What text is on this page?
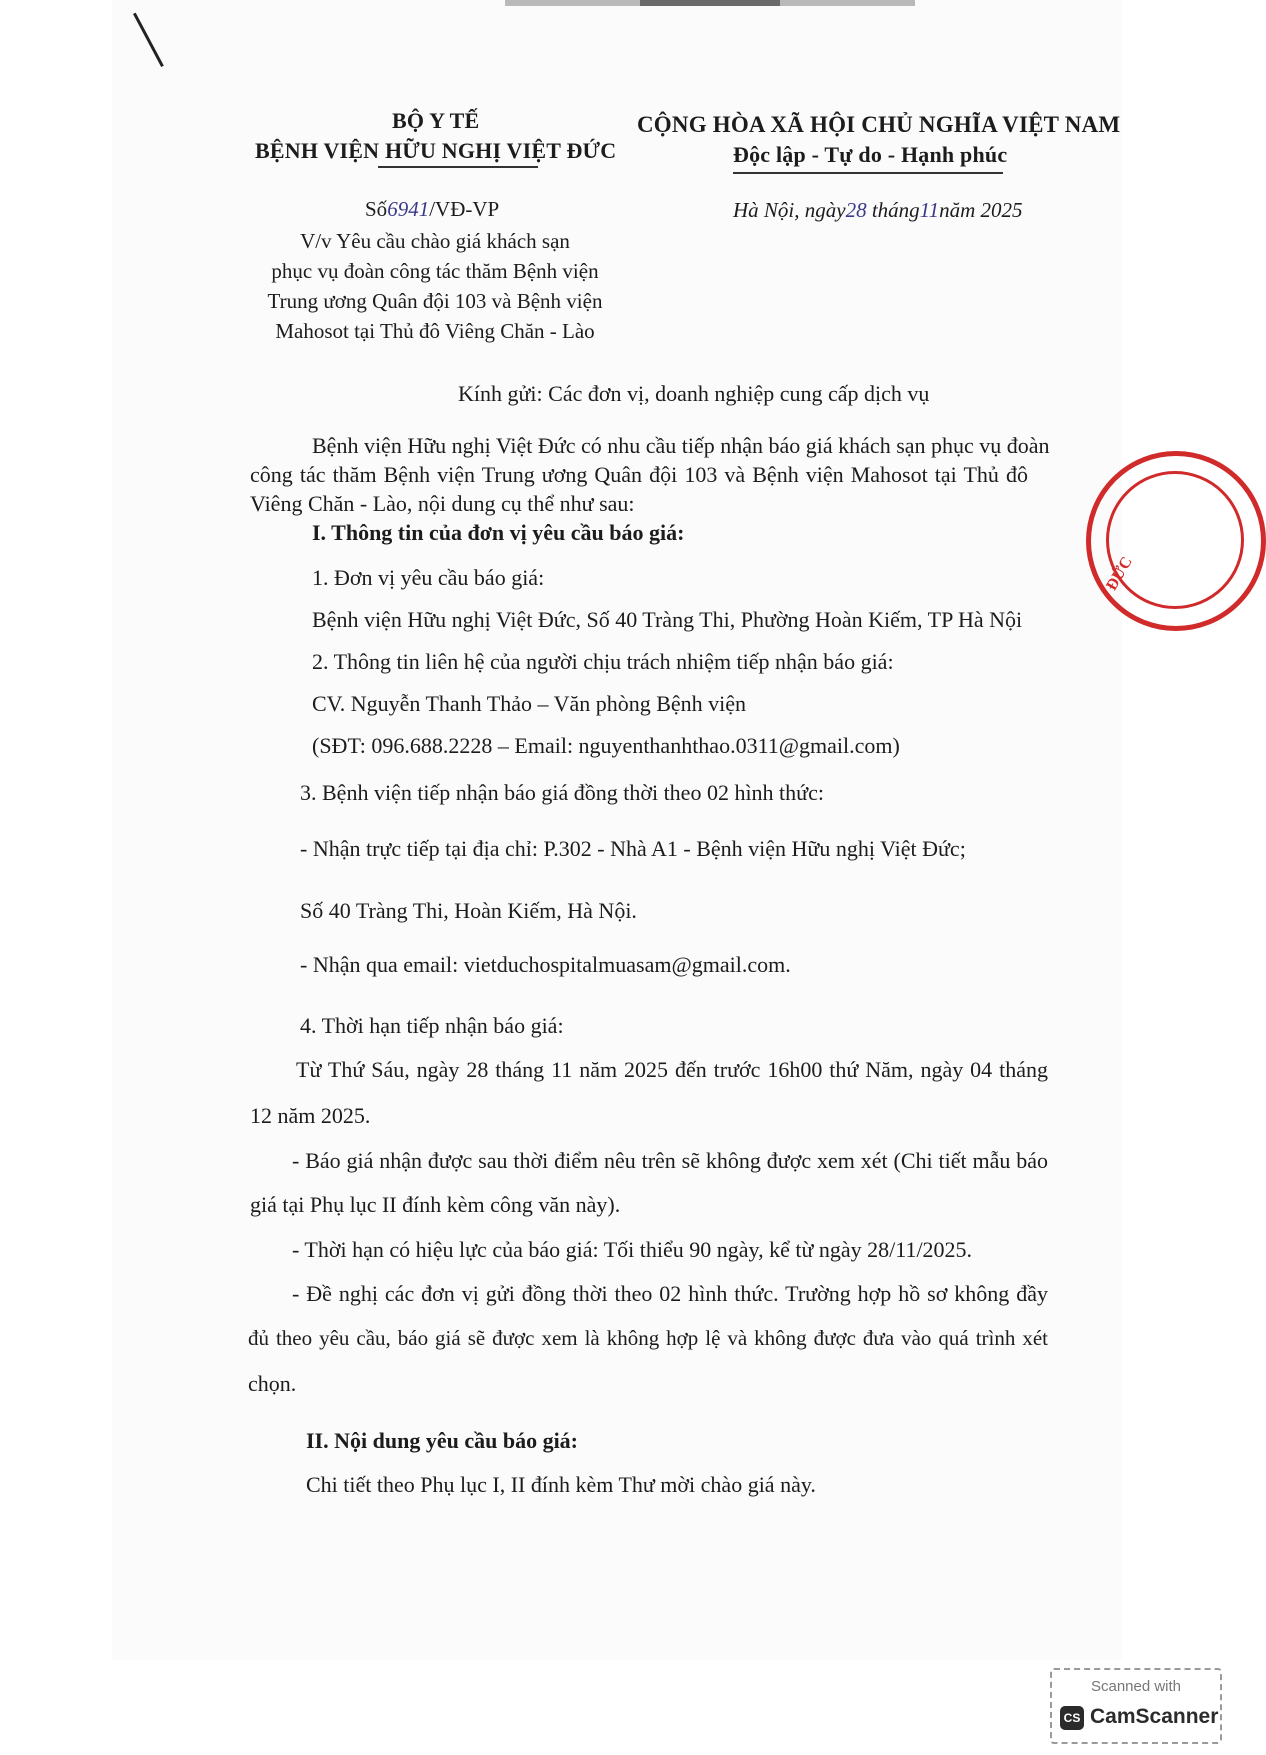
BỘ Y TẾ
BỆNH VIỆN HỮU NGHỊ VIỆT ĐỨC
Số6941/VĐ-VP
V/v Yêu cầu chào giá khách sạn
phục vụ đoàn công tác thăm Bệnh viện
Trung ương Quân đội 103 và Bệnh viện
Mahosot tại Thủ đô Viêng Chăn - Lào
CỘNG HÒA XÃ HỘI CHỦ NGHĨA VIỆT NAM
Độc lập - Tự do - Hạnh phúc
Hà Nội, ngày28 tháng11năm 2025
Kính gửi: Các đơn vị, doanh nghiệp cung cấp dịch vụ
Bệnh viện Hữu nghị Việt Đức có nhu cầu tiếp nhận báo giá khách sạn phục vụ đoàn
công tác thăm Bệnh viện Trung ương Quân đội 103 và Bệnh viện Mahosot tại Thủ đô
Viêng Chăn - Lào, nội dung cụ thể như sau:
I. Thông tin của đơn vị yêu cầu báo giá:
1. Đơn vị yêu cầu báo giá:
Bệnh viện Hữu nghị Việt Đức, Số 40 Tràng Thi, Phường Hoàn Kiếm, TP Hà Nội
2. Thông tin liên hệ của người chịu trách nhiệm tiếp nhận báo giá:
CV. Nguyễn Thanh Thảo – Văn phòng Bệnh viện
(SĐT: 096.688.2228 – Email: nguyenthanhthao.0311@gmail.com)
3. Bệnh viện tiếp nhận báo giá đồng thời theo 02 hình thức:
- Nhận trực tiếp tại địa chỉ: P.302 - Nhà A1 - Bệnh viện Hữu nghị Việt Đức;
Số 40 Tràng Thi, Hoàn Kiếm, Hà Nội.
- Nhận qua email: vietduchospitalmuasam@gmail.com.
4. Thời hạn tiếp nhận báo giá:
Từ Thứ Sáu, ngày 28 tháng 11 năm 2025 đến trước 16h00 thứ Năm, ngày 04 tháng
12 năm 2025.
- Báo giá nhận được sau thời điểm nêu trên sẽ không được xem xét (Chi tiết mẫu báo
giá tại Phụ lục II đính kèm công văn này).
- Thời hạn có hiệu lực của báo giá: Tối thiểu 90 ngày, kể từ ngày 28/11/2025.
- Đề nghị các đơn vị gửi đồng thời theo 02 hình thức. Trường hợp hồ sơ không đầy
đủ theo yêu cầu, báo giá sẽ được xem là không hợp lệ và không được đưa vào quá trình xét
chọn.
II. Nội dung yêu cầu báo giá:
Chi tiết theo Phụ lục I, II đính kèm Thư mời chào giá này.
ĐỨC
Scanned with
CS CamScanner
